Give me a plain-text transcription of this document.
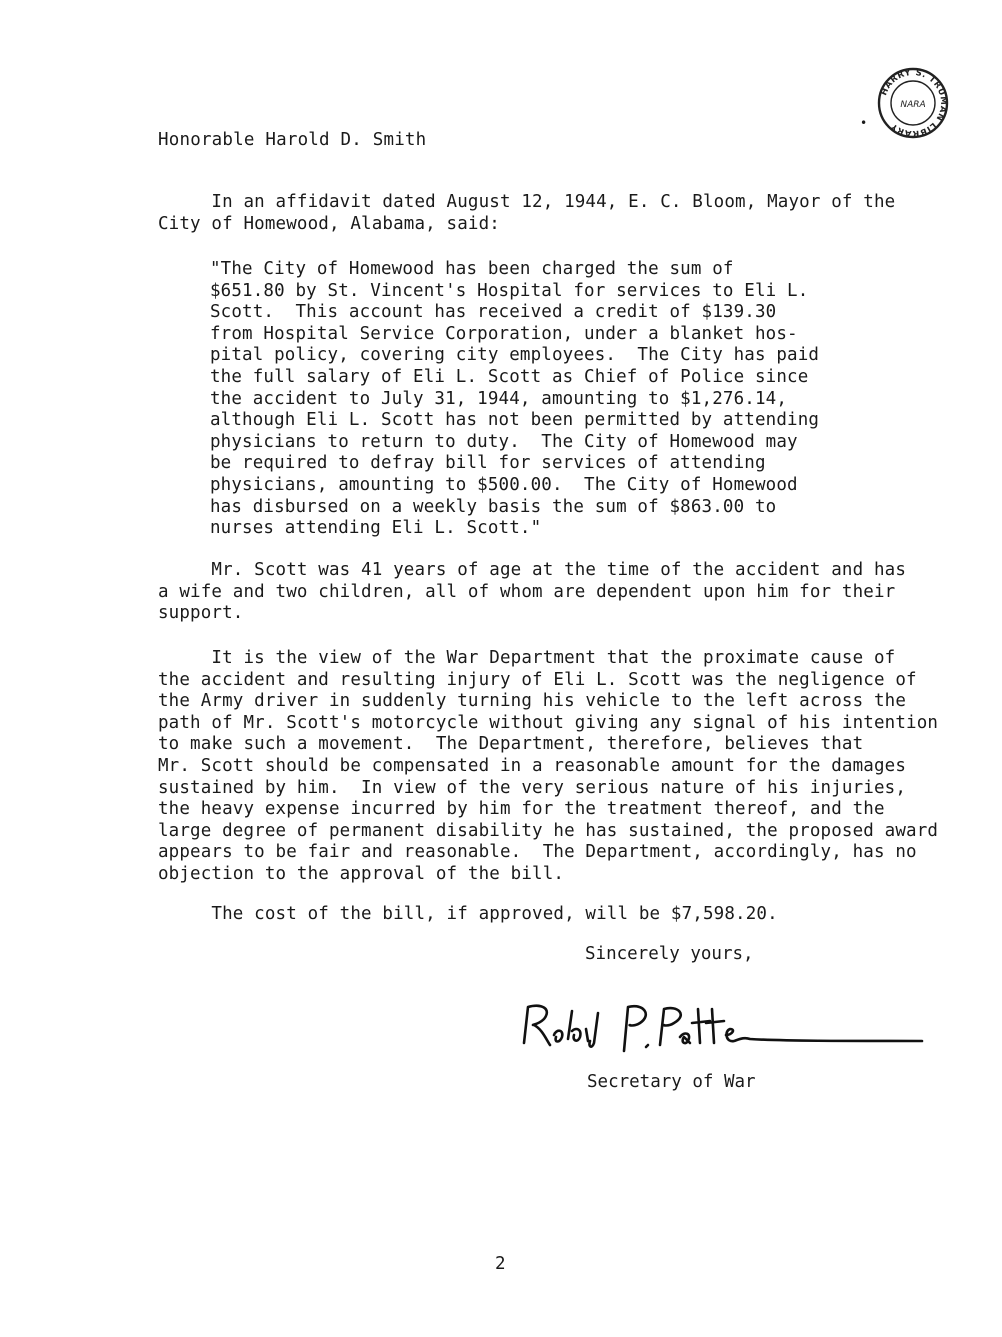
HARRY S. TRUMAN LIBRARY
NARA
•
Honorable Harold D. Smith
In an affidavit dated August 12, 1944, E. C. Bloom, Mayor of the
City of Homewood, Alabama, said:
"The City of Homewood has been charged the sum of
$651.80 by St. Vincent's Hospital for services to Eli L.
Scott.  This account has received a credit of $139.30
from Hospital Service Corporation, under a blanket hos-
pital policy, covering city employees.  The City has paid
the full salary of Eli L. Scott as Chief of Police since
the accident to July 31, 1944, amounting to $1,276.14,
although Eli L. Scott has not been permitted by attending
physicians to return to duty.  The City of Homewood may
be required to defray bill for services of attending
physicians, amounting to $500.00.  The City of Homewood
has disbursed on a weekly basis the sum of $863.00 to
nurses attending Eli L. Scott."
Mr. Scott was 41 years of age at the time of the accident and has
a wife and two children, all of whom are dependent upon him for their
support.
It is the view of the War Department that the proximate cause of
the accident and resulting injury of Eli L. Scott was the negligence of
the Army driver in suddenly turning his vehicle to the left across the
path of Mr. Scott's motorcycle without giving any signal of his intention
to make such a movement.  The Department, therefore, believes that
Mr. Scott should be compensated in a reasonable amount for the damages
sustained by him.  In view of the very serious nature of his injuries,
the heavy expense incurred by him for the treatment thereof, and the
large degree of permanent disability he has sustained, the proposed award
appears to be fair and reasonable.  The Department, accordingly, has no
objection to the approval of the bill.
The cost of the bill, if approved, will be $7,598.20.
Sincerely yours,
Secretary of War
2
